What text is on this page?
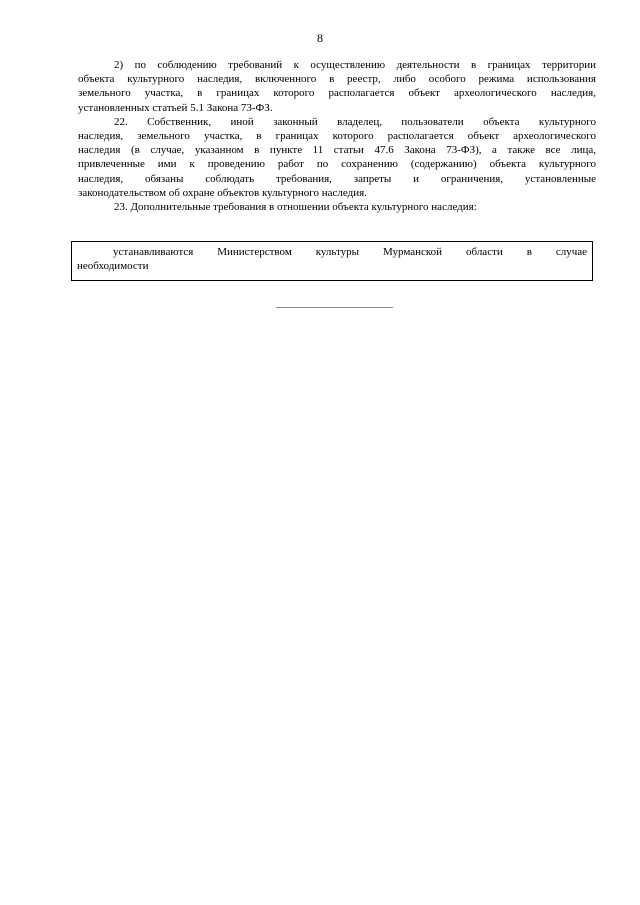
8
2) по соблюдению требований к осуществлению деятельности в границах территории
объекта культурного наследия, включенного в реестр, либо особого режима использования
земельного участка, в границах которого располагается объект археологического наследия,
установленных статьей 5.1 Закона 73-ФЗ.
22. Собственник, иной законный владелец, пользователи объекта культурного
наследия, земельного участка, в границах которого располагается объект археологического
наследия (в случае, указанном в пункте 11 статьи 47.6 Закона 73-ФЗ), а также все лица,
привлеченные ими к проведению работ по сохранению (содержанию) объекта культурного
наследия, обязаны соблюдать требования, запреты и ограничения, установленные
законодательством об охране объектов культурного наследия.
23. Дополнительные требования в отношении объекта культурного наследия:
устанавливаются Министерством культуры Мурманской области в случае
необходимости
